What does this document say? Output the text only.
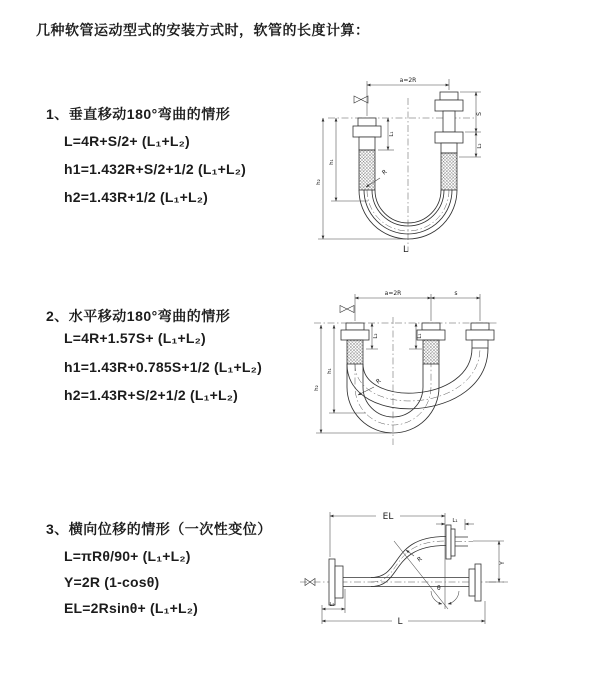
几种软管运动型式的安装方式时，软管的长度计算：
1、垂直移动180°弯曲的情形
L=4R+S/2+ (L₁+L₂)
h1=1.432R+S/2+1/2 (L₁+L₂)
h2=1.43R+1/2 (L₁+L₂)
a=2R
L₁
S
L₂
h₁
h₂
R
L
2、水平移动180°弯曲的情形
L=4R+1.57S+ (L₁+L₂)
h1=1.43R+0.785S+1/2 (L₁+L₂)
h2=1.43R+S/2+1/2 (L₁+L₂)
a=2R	s
L₂	L₁
h₁
h₂
R
3、横向位移的情形（一次性变位）
L=πRθ/90+ (L₁+L₂)
Y=2R (1-cosθ)
EL=2Rsinθ+ (L₁+L₂)
EL	L₁
Y
R
θ
L₂
L
